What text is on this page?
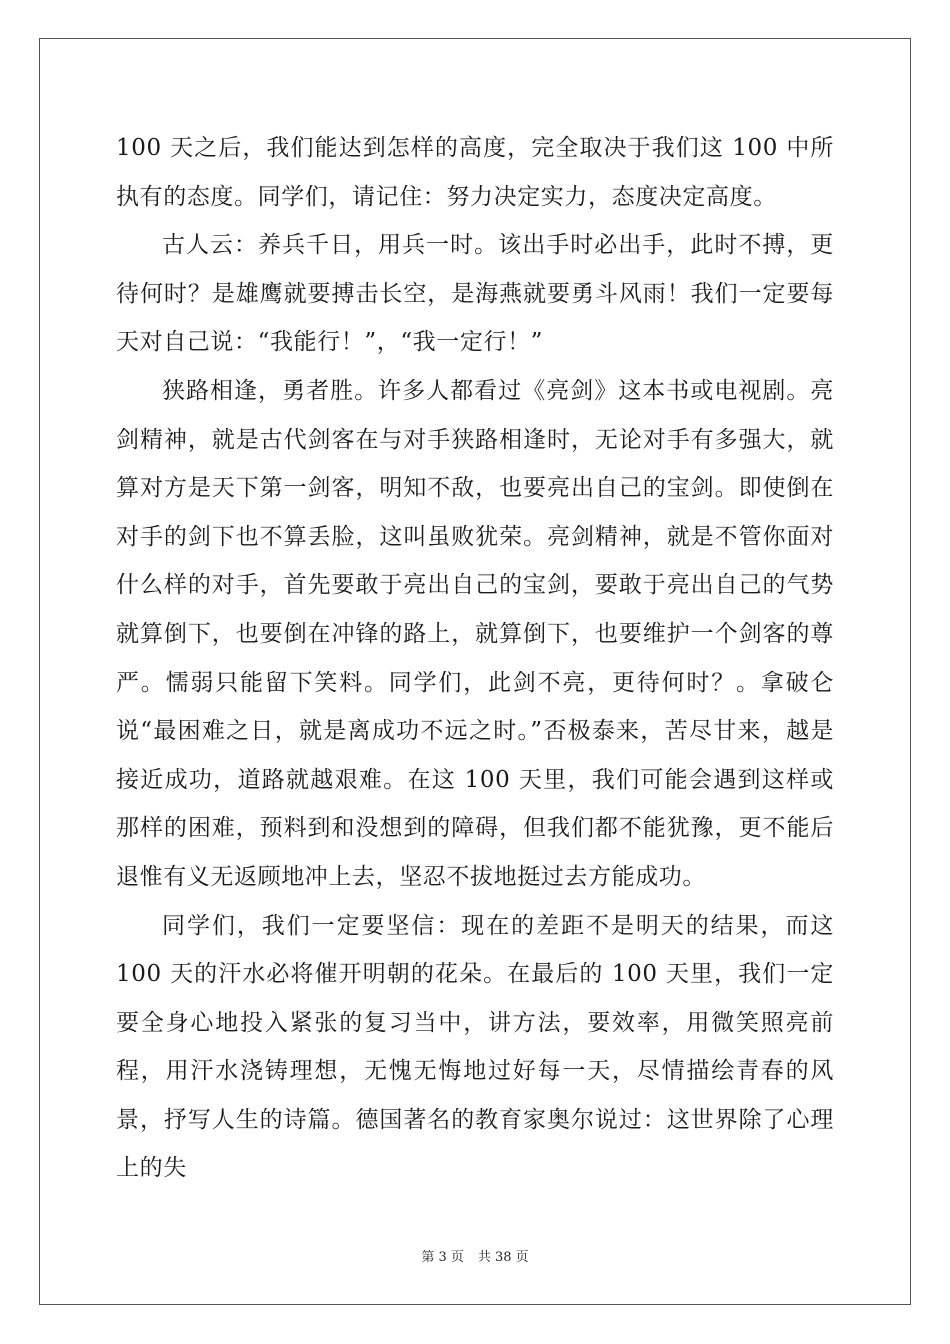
100 天之后，我们能达到怎样的高度，完全取决于我们这 100 中所执有的态度。同学们，请记住：努力决定实力，态度决定高度。

古人云：养兵千日，用兵一时。该出手时必出手，此时不搏，更待何时？是雄鹰就要搏击长空，是海燕就要勇斗风雨！我们一定要每天对自己说：“我能行！”，“我一定行！”

狭路相逢，勇者胜。许多人都看过《亮剑》这本书或电视剧。亮剑精神，就是古代剑客在与对手狭路相逢时，无论对手有多强大，就算对方是天下第一剑客，明知不敌，也要亮出自己的宝剑。即使倒在对手的剑下也不算丢脸，这叫虽败犹荣。亮剑精神，就是不管你面对什么样的对手，首先要敢于亮出自己的宝剑，要敢于亮出自己的气势就算倒下，也要倒在冲锋的路上，就算倒下，也要维护一个剑客的尊严。懦弱只能留下笑料。同学们，此剑不亮，更待何时？。拿破仑说“最困难之日，就是离成功不远之时。”否极泰来，苦尽甘来，越是接近成功，道路就越艰难。在这 100 天里，我们可能会遇到这样或那样的困难，预料到和没想到的障碍，但我们都不能犹豫，更不能后退惟有义无返顾地冲上去，坚忍不拔地挺过去方能成功。

同学们，我们一定要坚信：现在的差距不是明天的结果，而这 100 天的汗水必将催开明朝的花朵。在最后的 100 天里，我们一定要全身心地投入紧张的复习当中，讲方法，要效率，用微笑照亮前程，用汗水浇铸理想，无愧无悔地过好每一天，尽情描绘青春的风景，抒写人生的诗篇。德国著名的教育家奥尔说过：这世界除了心理上的失

第 3 页 共 38 页
